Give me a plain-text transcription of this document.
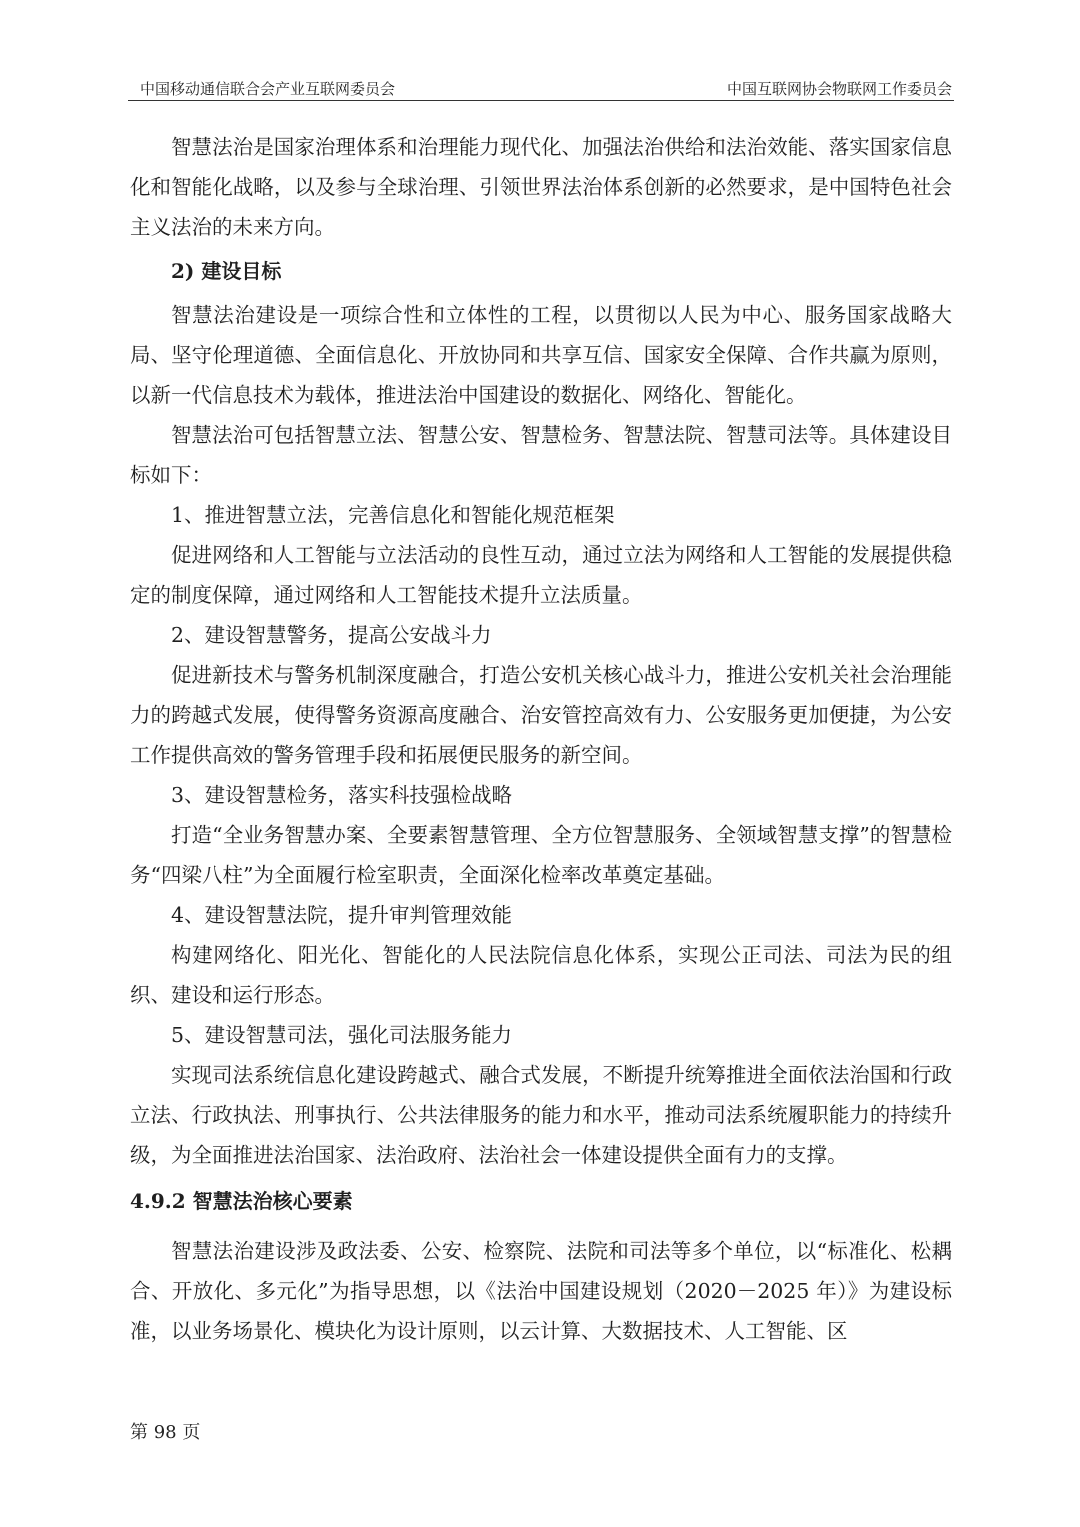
中国移动通信联合会产业互联网委员会	中国互联网协会物联网工作委员会

智慧法治是国家治理体系和治理能力现代化、加强法治供给和法治效能、落实国家信息化和智能化战略，以及参与全球治理、引领世界法治体系创新的必然要求，是中国特色社会主义法治的未来方向。

2) 建设目标

智慧法治建设是一项综合性和立体性的工程，以贯彻以人民为中心、服务国家战略大局、坚守伦理道德、全面信息化、开放协同和共享互信、国家安全保障、合作共赢为原则，以新一代信息技术为载体，推进法治中国建设的数据化、网络化、智能化。

智慧法治可包括智慧立法、智慧公安、智慧检务、智慧法院、智慧司法等。具体建设目标如下：

1、推进智慧立法，完善信息化和智能化规范框架

促进网络和人工智能与立法活动的良性互动，通过立法为网络和人工智能的发展提供稳定的制度保障，通过网络和人工智能技术提升立法质量。

2、建设智慧警务，提高公安战斗力

促进新技术与警务机制深度融合，打造公安机关核心战斗力，推进公安机关社会治理能力的跨越式发展，使得警务资源高度融合、治安管控高效有力、公安服务更加便捷，为公安工作提供高效的警务管理手段和拓展便民服务的新空间。

3、建设智慧检务，落实科技强检战略

打造“全业务智慧办案、全要素智慧管理、全方位智慧服务、全领域智慧支撑”的智慧检务“四梁八柱”为全面履行检室职责，全面深化检率改革奠定基础。

4、建设智慧法院，提升审判管理效能

构建网络化、阳光化、智能化的人民法院信息化体系，实现公正司法、司法为民的组织、建设和运行形态。

5、建设智慧司法，强化司法服务能力

实现司法系统信息化建设跨越式、融合式发展，不断提升统筹推进全面依法治国和行政立法、行政执法、刑事执行、公共法律服务的能力和水平，推动司法系统履职能力的持续升级，为全面推进法治国家、法治政府、法治社会一体建设提供全面有力的支撑。

4.9.2 智慧法治核心要素

智慧法治建设涉及政法委、公安、检察院、法院和司法等多个单位，以“标准化、松耦合、开放化、多元化”为指导思想，以《法治中国建设规划（2020－2025 年）》为建设标准，以业务场景化、模块化为设计原则，以云计算、大数据技术、人工智能、区

第 98 页
